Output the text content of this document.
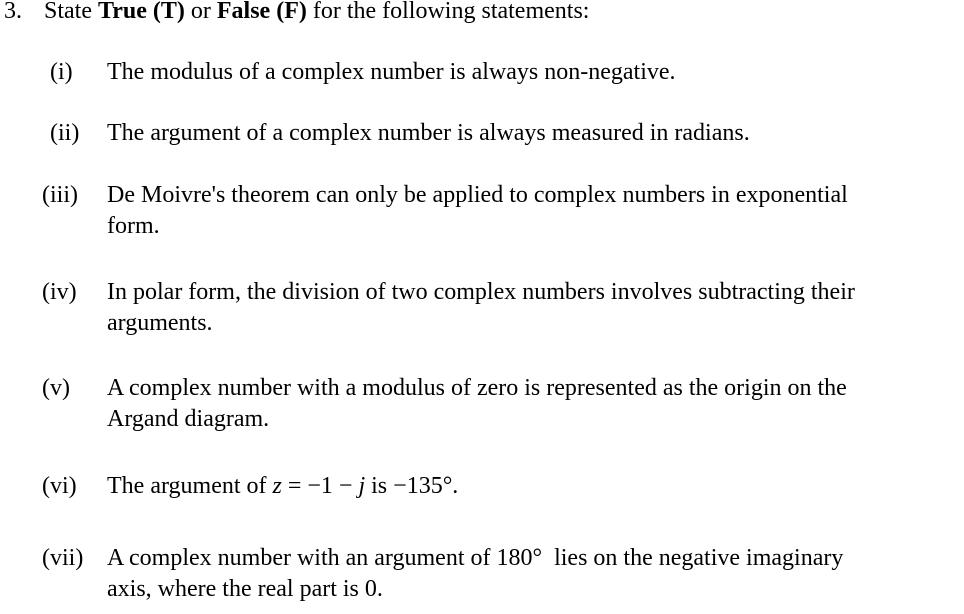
3. State True (T) or False (F) for the following statements:
(i) The modulus of a complex number is always non-negative.
(ii) The argument of a complex number is always measured in radians.
(iii) De Moivre's theorem can only be applied to complex numbers in exponential
form.
(iv) In polar form, the division of two complex numbers involves subtracting their
arguments.
(v) A complex number with a modulus of zero is represented as the origin on the
Argand diagram.
(vi) The argument of z = −1 − j is −135°.
(vii) A complex number with an argument of 180°  lies on the negative imaginary
axis, where the real part is 0.
